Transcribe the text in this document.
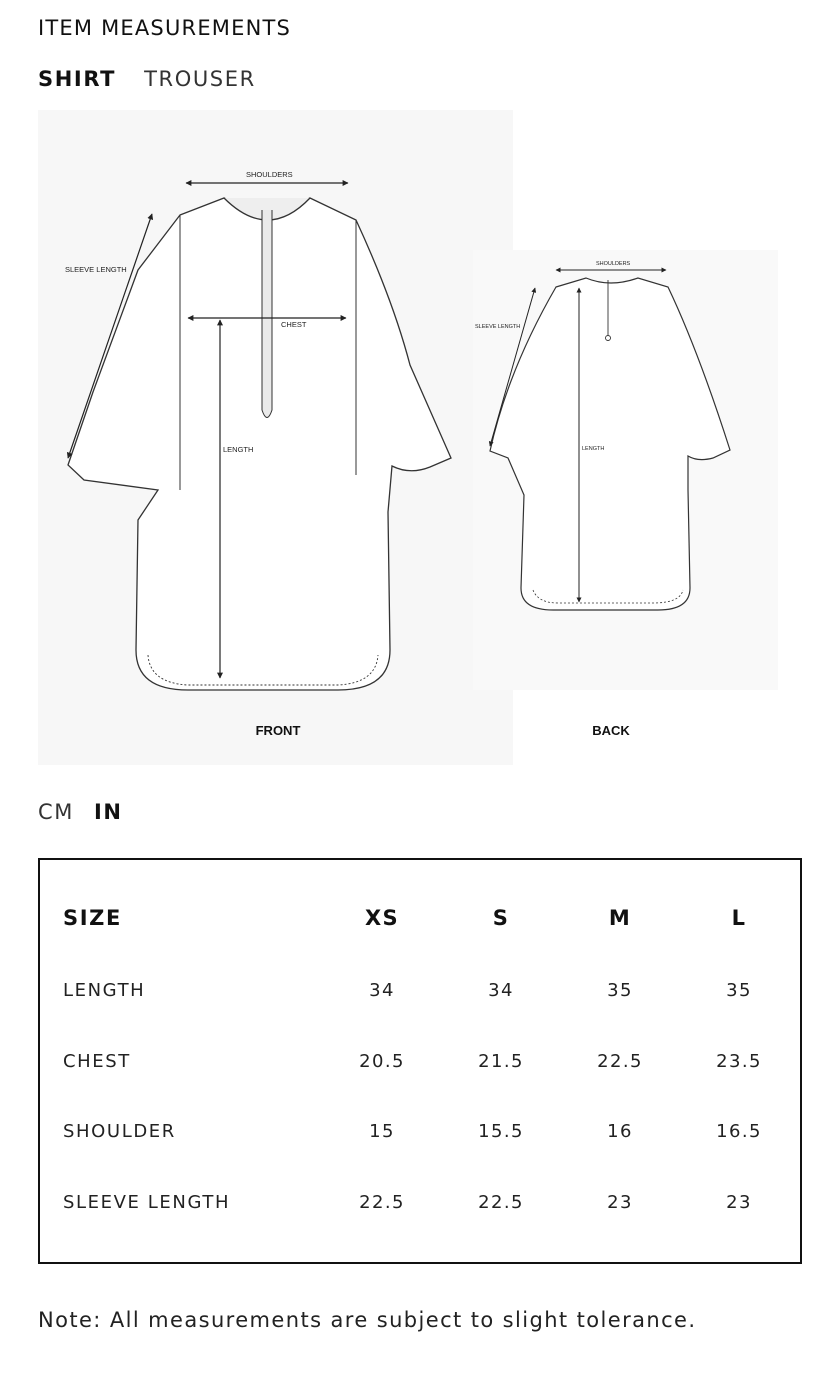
ITEM MEASUREMENTS
SHIRT TROUSER
SHOULDERS
SLEEVE LENGTH
CHEST
LENGTH
FRONT
SHOULDERS
SLEEVE LENGTH
LENGTH
BACK
CM IN
SIZE	XS	S	M	L
LENGTH	34	34	35	35
CHEST	20.5	21.5	22.5	23.5
SHOULDER	15	15.5	16	16.5
SLEEVE LENGTH	22.5	22.5	23	23
Note: All measurements are subject to slight tolerance.
